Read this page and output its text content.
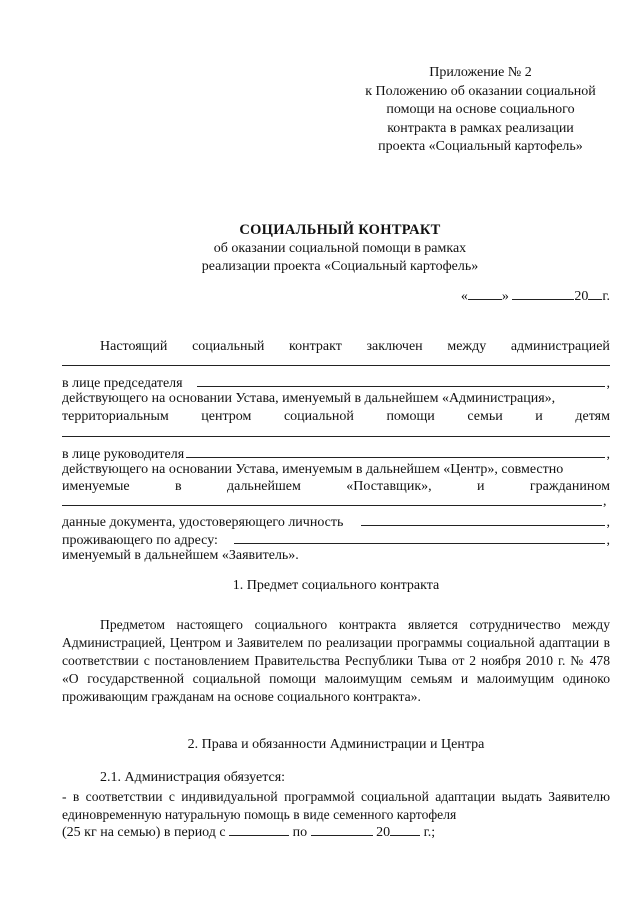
Приложение № 2
к Положению об оказании социальной
помощи на основе социального
контракта в рамках реализации
проекта «Социальный картофель»
СОЦИАЛЬНЫЙ КОНТРАКТ
об оказании социальной помощи в рамках
реализации проекта «Социальный картофель»
« »	20 г.
Настоящий социальный контракт заключен между администрацией
в лице председателя	,
действующего на основании Устава, именуемый в дальнейшем «Администрация»,
территориальным центром социальной помощи семьи и детям
в лице руководителя	,
действующего на основании Устава, именуемым в дальнейшем «Центр», совместно
именуемые	в	дальнейшем	«Поставщик»,	и	гражданином
,
данные документа, удостоверяющего личность	,
проживающего по адресу:	,
именуемый в дальнейшем «Заявитель».
1. Предмет социального контракта
Предметом настоящего социального контракта является сотрудничество между Администрацией, Центром и Заявителем по реализации программы социальной адаптации в соответствии с постановлением Правительства Республики Тыва от 2 ноября 2010 г. № 478 «О государственной социальной помощи малоимущим семьям и малоимущим одиноко проживающим гражданам на основе социального контракта».
2. Права и обязанности Администрации и Центра
2.1. Администрация обязуется:
- в соответствии с индивидуальной программой социальной адаптации выдать Заявителю единовременную натуральную помощь в виде семенного картофеля
(25 кг на семью) в период с	по	20 г.;
